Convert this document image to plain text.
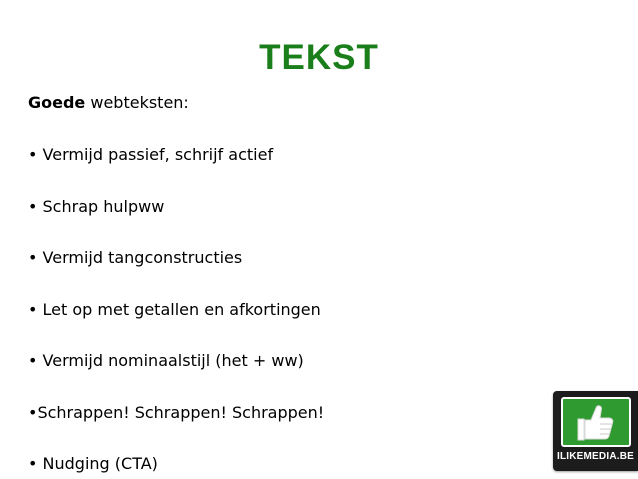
TEKST
Goede webteksten:
• Vermijd passief, schrijf actief
• Schrap hulpww
• Vermijd tangconstructies
• Let op met getallen en afkortingen
• Vermijd nominaalstijl (het + ww)
•Schrappen! Schrappen! Schrappen!
• Nudging (CTA)	ILIKEMEDIA.BE
